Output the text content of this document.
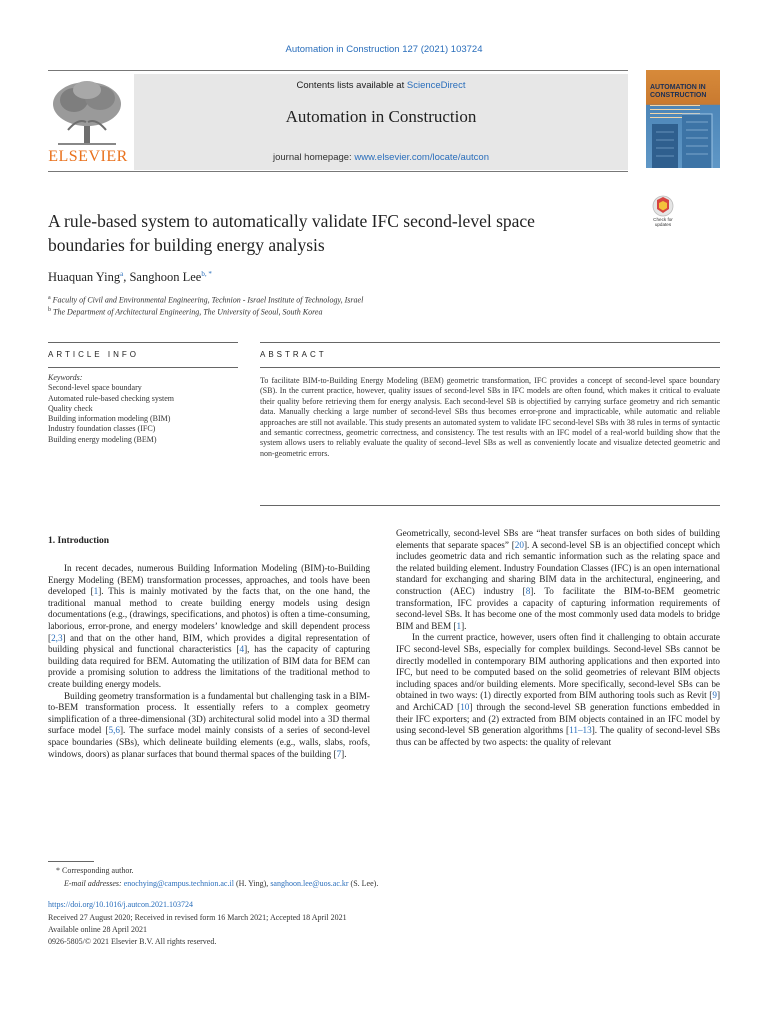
Automation in Construction 127 (2021) 103724
ELSEVIER
Contents lists available at ScienceDirect
Automation in Construction
journal homepage: www.elsevier.com/locate/autcon
AUTOMATION IN CONSTRUCTION
Check for
updates
A rule-based system to automatically validate IFC second-level space
boundaries for building energy analysis
Huaquan Ying$^a$, Sanghoon Lee$^{b, *}$
$^a$ Faculty of Civil and Environmental Engineering, Technion - Israel Institute of Technology, Israel
$^b$ The Department of Architectural Engineering, The University of Seoul, South Korea
ARTICLE INFO	ABSTRACT
Keywords:
Second-level space boundary
Automated rule-based checking system
Quality check
Building information modeling (BIM)
Industry foundation classes (IFC)
Building energy modeling (BEM)
To facilitate BIM-to-Building Energy Modeling (BEM) geometric transformation, IFC provides a concept of second-level space boundary (SB). In the current practice, however, quality issues of second-level SBs in IFC models are often found, which makes it critical to evaluate their quality before retrieving them for energy analysis. Each second-level SB is objectified by carrying surface geometry and rich semantic data. Manually checking a large number of second-level SBs thus becomes error-prone and impracticable, while automatic and reliable approaches are still not available. This study presents an automated system to validate IFC second-level SBs with 38 rules in terms of syntactic and semantic correctness, geometric correctness, and consistency. The test results with an IFC model of a real-world building show that the system allows users to reliably evaluate the quality of second–level SBs as well as conveniently locate and visualize detected geometric and non-geometric errors.
1. Introduction

In recent decades, numerous Building Information Modeling (BIM)-to-Building Energy Modeling (BEM) transformation processes, approaches, and tools have been developed [1]. This is mainly motivated by the facts that, on the one hand, the traditional manual method to create building energy models using design documentations (e.g., (drawings, specifications, and photos) is often a time-consuming, laborious, error-prone, and energy modelers’ knowledge and skill dependent process [2,3] and that on the other hand, BIM, which provides a digital representation of building physical and functional characteristics [4], has the capacity of capturing building data required for BEM. Automating the utilization of BIM data for BEM can provide a promising solution to address the limitations of the traditional method to create building energy models.

Building geometry transformation is a fundamental but challenging task in a BIM-to-BEM transformation process. It essentially refers to a complex geometry simplification of a three-dimensional (3D) architectural solid model into a 3D thermal surface model [5,6]. The surface model mainly consists of a series of second-level space boundaries (SBs), which delineate building elements (e.g., walls, slabs, roofs, windows, doors) as planar surfaces that bound thermal spaces of the building [7].

Geometrically, second-level SBs are “heat transfer surfaces on both sides of building elements that separate spaces” [20]. A second-level SB is an objectified concept which includes geometric data and rich semantic information such as the relating space and the related building element. Industry Foundation Classes (IFC) is an open international standard for exchanging and sharing BIM data in the architectural, engineering, and construction (AEC) industry [8]. To facilitate the BIM-to-BEM geometric transformation, IFC provides a capacity of capturing information requirements of second-level SBs. It has become one of the most commonly used data models to bridge BIM and BEM [1].

In the current practice, however, users often find it challenging to obtain accurate IFC second-level SBs, especially for complex buildings. Second-level SBs cannot be directly modelled in contemporary BIM authoring applications and then exported into IFC, but need to be computed based on the solid geometries of relevant BIM objects including spaces and/or building elements. More specifically, second-level SBs can be obtained in two ways: (1) directly exported from BIM authoring tools such as Revit [9] and ArchiCAD [10] through the second-level SB generation functions embedded in their IFC exporters; and (2) extracted from BIM objects contained in an IFC model by using second-level SB generation algorithms [11–13]. The quality of second-level SBs thus can be affected by two aspects: the quality of relevant

* Corresponding author.
E-mail addresses: enochying@campus.technion.ac.il (H. Ying), sanghoon.lee@uos.ac.kr (S. Lee).
https://doi.org/10.1016/j.autcon.2021.103724
Received 27 August 2020; Received in revised form 16 March 2021; Accepted 18 April 2021
Available online 28 April 2021
0926-5805/© 2021 Elsevier B.V. All rights reserved.
